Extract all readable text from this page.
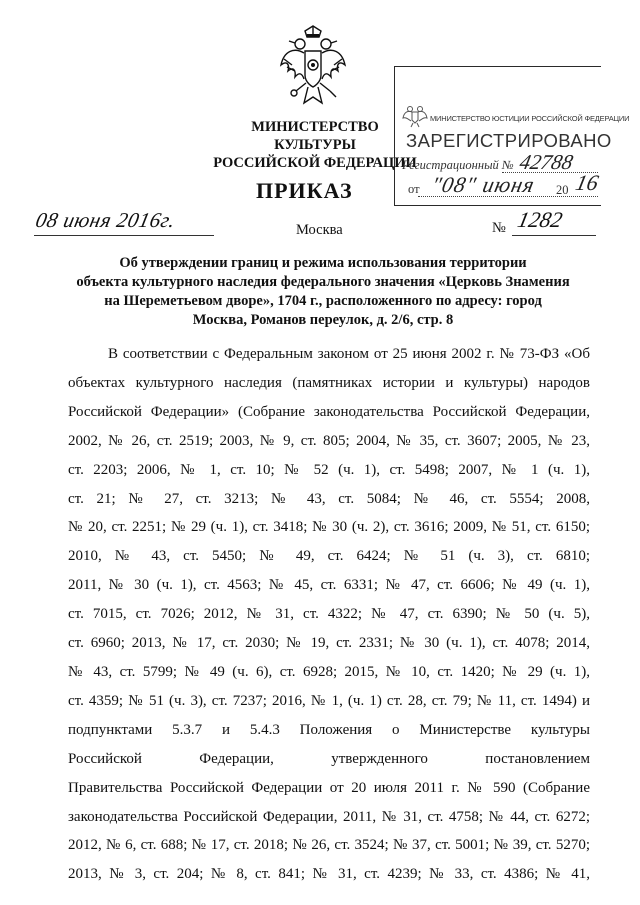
МИНИСТЕРСТВО КУЛЬТУРЫ
РОССИЙСКОЙ ФЕДЕРАЦИИ
МИНИСТЕРСТВО ЮСТИЦИИ РОССИЙСКОЙ ФЕДЕРАЦИИ
ЗАРЕГИСТРИРОВАНО
Регистрационный № 42788
от "08" июня 20 16
ПРИКАЗ
08 июня 2016г.	Москва	№ 1282
Об утверждении границ и режима использования территории
объекта культурного наследия федерального значения «Церковь Знамения
на Шереметьевом дворе», 1704 г., расположенного по адресу: город
Москва, Романов переулок, д. 2/6, стр. 8
В соответствии с Федеральным законом от 25 июня 2002 г. № 73-ФЗ «Об
объектах культурного наследия (памятниках истории и культуры) народов
Российской Федерации» (Собрание законодательства Российской Федерации,
2002, № 26, ст. 2519; 2003, № 9, ст. 805; 2004, № 35, ст. 3607; 2005, № 23,
ст. 2203; 2006, № 1, ст. 10; № 52 (ч. 1), ст. 5498; 2007, № 1 (ч. 1),
ст. 21; № 27, ст. 3213; № 43, ст. 5084; № 46, ст. 5554; 2008,
№ 20, ст. 2251; № 29 (ч. 1), ст. 3418; № 30 (ч. 2), ст. 3616; 2009, № 51, ст. 6150;
2010, № 43, ст. 5450; № 49, ст. 6424; № 51 (ч. 3), ст. 6810;
2011, № 30 (ч. 1), ст. 4563; № 45, ст. 6331; № 47, ст. 6606; № 49 (ч. 1),
ст. 7015, ст. 7026; 2012, № 31, ст. 4322; № 47, ст. 6390; № 50 (ч. 5),
ст. 6960; 2013, № 17, ст. 2030; № 19, ст. 2331; № 30 (ч. 1), ст. 4078; 2014,
№ 43, ст. 5799; № 49 (ч. 6), ст. 6928; 2015, № 10, ст. 1420; № 29 (ч. 1),
ст. 4359; № 51 (ч. 3), ст. 7237; 2016, № 1, (ч. 1) ст. 28, ст. 79; № 11, ст. 1494) и
подпунктами 5.3.7 и 5.4.3 Положения о Министерстве культуры
Российской Федерации, утвержденного постановлением
Правительства Российской Федерации от 20 июля 2011 г. № 590 (Собрание
законодательства Российской Федерации, 2011, № 31, ст. 4758; № 44, ст. 6272;
2012, № 6, ст. 688; № 17, ст. 2018; № 26, ст. 3524; № 37, ст. 5001; № 39, ст. 5270;
2013, № 3, ст. 204; № 8, ст. 841; № 31, ст. 4239; № 33, ст. 4386; № 41,
